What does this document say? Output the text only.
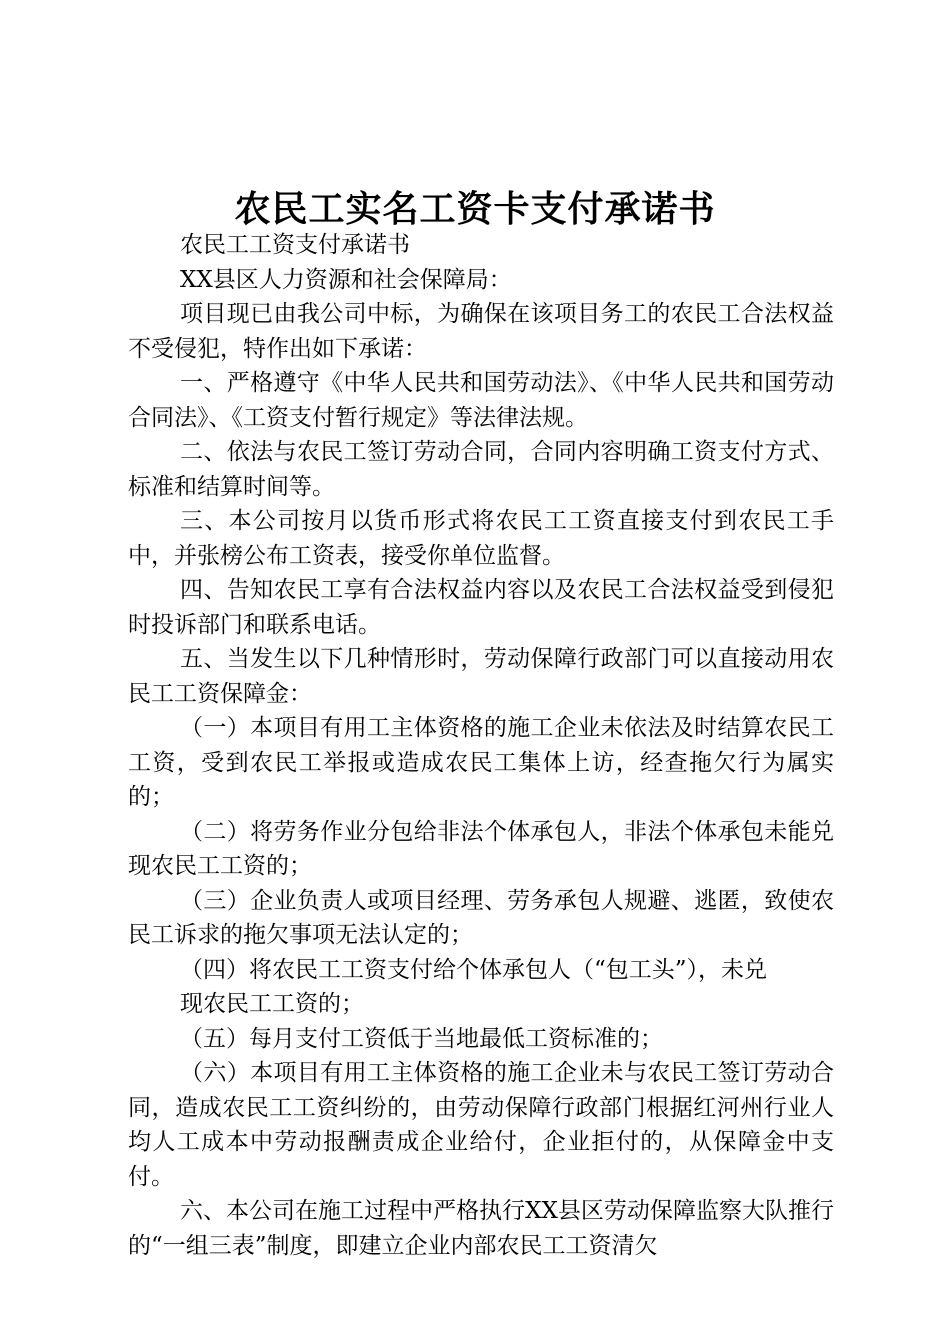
农民工实名工资卡支付承诺书

农民工工资支付承诺书

XX县区人力资源和社会保障局：

项目现已由我公司中标，为确保在该项目务工的农民工合法权益不受侵犯，特作出如下承诺：

一、严格遵守《中华人民共和国劳动法》、《中华人民共和国劳动合同法》、《工资支付暂行规定》等法律法规。

二、依法与农民工签订劳动合同，合同内容明确工资支付方式、标准和结算时间等。

三、本公司按月以货币形式将农民工工资直接支付到农民工手中，并张榜公布工资表，接受你单位监督。

四、告知农民工享有合法权益内容以及农民工合法权益受到侵犯时投诉部门和联系电话。

五、当发生以下几种情形时，劳动保障行政部门可以直接动用农民工工资保障金：

（一）本项目有用工主体资格的施工企业未依法及时结算农民工工资，受到农民工举报或造成农民工集体上访，经查拖欠行为属实的；

（二）将劳务作业分包给非法个体承包人，非法个体承包未能兑现农民工工资的；

（三）企业负责人或项目经理、劳务承包人规避、逃匿，致使农民工诉求的拖欠事项无法认定的；

（四）将农民工工资支付给个体承包人（“包工头”），未兑

现农民工工资的；

（五）每月支付工资低于当地最低工资标准的；

（六）本项目有用工主体资格的施工企业未与农民工签订劳动合同，造成农民工工资纠纷的，由劳动保障行政部门根据红河州行业人均人工成本中劳动报酬责成企业给付，企业拒付的，从保障金中支付。

六、本公司在施工过程中严格执行XX县区劳动保障监察大队推行的“一组三表”制度，即建立企业内部农民工工资清欠
